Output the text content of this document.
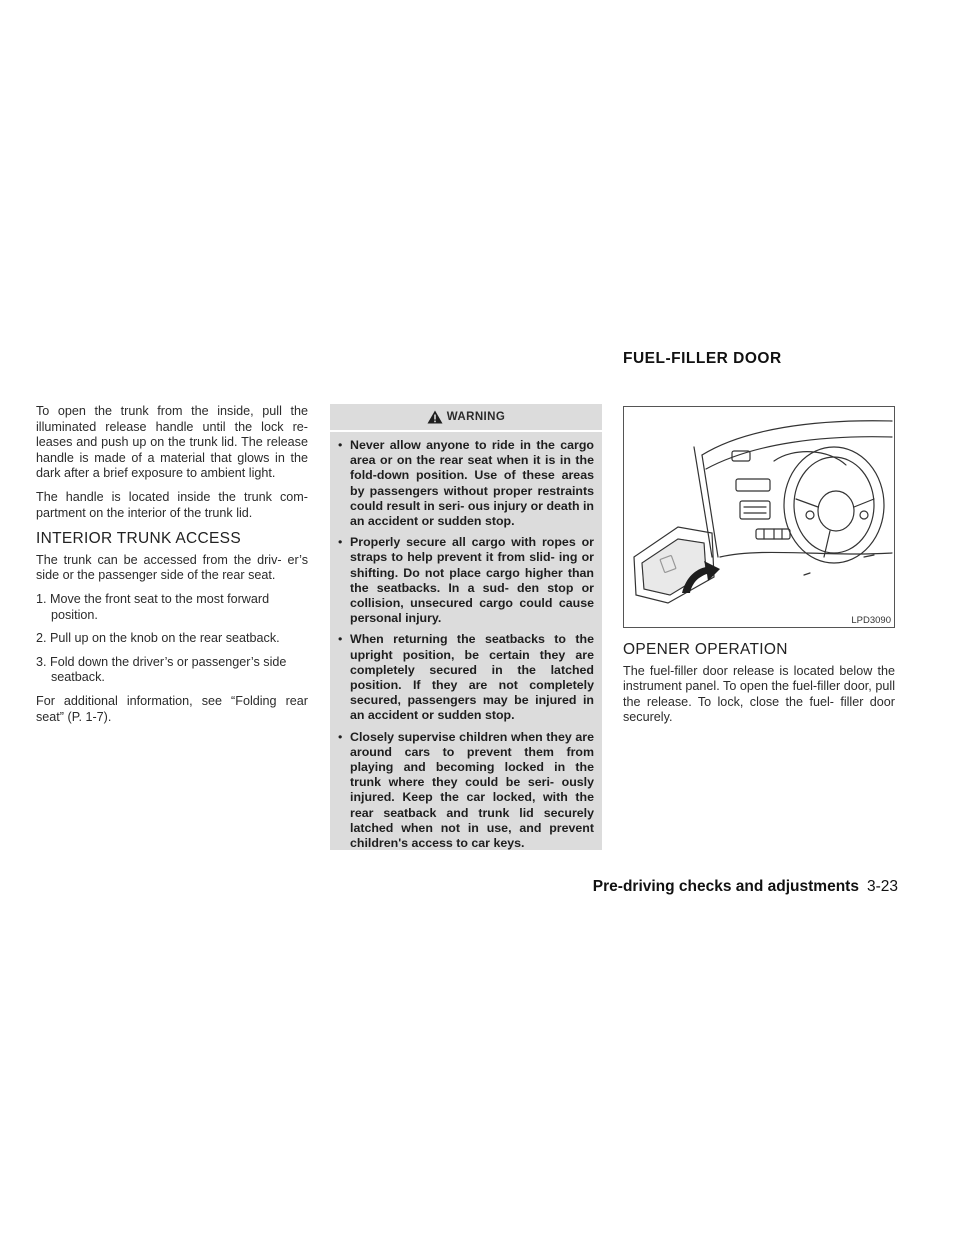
To open the trunk from the inside, pull the illuminated release handle until the lock re- leases and push up on the trunk lid. The release handle is made of a material that glows in the dark after a brief exposure to ambient light.

The handle is located inside the trunk com- partment on the interior of the trunk lid.

INTERIOR TRUNK ACCESS

The trunk can be accessed from the driv- er’s side or the passenger side of the rear seat.

1. Move the front seat to the most forward position.
2. Pull up on the knob on the rear seatback.
3. Fold down the driver’s or passenger’s side seatback.

For additional information, see “Folding rear seat” (P. 1-7).

WARNING
• Never allow anyone to ride in the cargo area or on the rear seat when it is in the fold-down position. Use of these areas by passengers without proper restraints could result in seri- ous injury or death in an accident or sudden stop.
• Properly secure all cargo with ropes or straps to help prevent it from slid- ing or shifting. Do not place cargo higher than the seatbacks. In a sud- den stop or collision, unsecured cargo could cause personal injury.
• When returning the seatbacks to the upright position, be certain they are completely secured in the latched position. If they are not completely secured, passengers may be injured in an accident or sudden stop.
• Closely supervise children when they are around cars to prevent them from playing and becoming locked in the trunk where they could be seri- ously injured. Keep the car locked, with the rear seatback and trunk lid securely latched when not in use, and prevent children's access to car keys.
FUEL-FILLER DOOR
LPD3090
OPENER OPERATION

The fuel-filler door release is located below the instrument panel. To open the fuel-filler door, pull the release. To lock, close the fuel- filler door securely.

Pre-driving checks and adjustments 3-23
